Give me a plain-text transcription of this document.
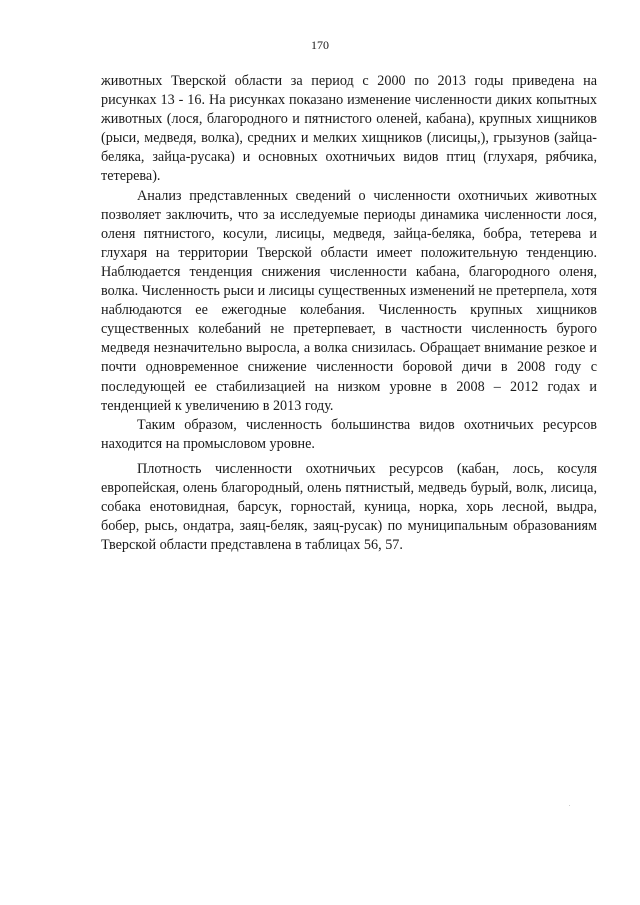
170

животных Тверской области за период с 2000 по 2013 годы приведена на рисунках 13 - 16. На рисунках показано изменение численности диких копытных животных (лося, благородного и пятнистого оленей, кабана), крупных хищников (рыси, медведя, волка), средних и мелких хищников (лисицы,), грызунов (зайца-беляка, зайца-русака) и основных охотничьих видов птиц (глухаря, рябчика, тетерева).

Анализ представленных сведений о численности охотничьих животных позволяет заключить, что за исследуемые периоды динамика численности лося, оленя пятнистого, косули, лисицы, медведя, зайца-беляка, бобра, тетерева и глухаря на территории Тверской области имеет положительную тенденцию. Наблюдается тенденция снижения численности кабана, благородного оленя, волка. Численность рыси и лисицы существенных изменений не претерпела, хотя наблюдаются ее ежегодные колебания. Численность крупных хищников существенных колебаний не претерпевает, в частности численность бурого медведя незначительно выросла, а волка снизилась. Обращает внимание резкое и почти одновременное снижение численности боровой дичи в 2008 году с последующей ее стабилизацией на низком уровне в 2008 – 2012 годах и тенденцией к увеличению в 2013 году.

Таким образом, численность большинства видов охотничьих ресурсов находится на промысловом уровне.

Плотность численности охотничьих ресурсов (кабан, лось, косуля европейская, олень благородный, олень пятнистый, медведь бурый, волк, лисица, собака енотовидная, барсук, горностай, куница, норка, хорь лесной, выдра, бобер, рысь, ондатра, заяц-беляк, заяц-русак) по муниципальным образованиям Тверской области представлена в таблицах 56, 57.
